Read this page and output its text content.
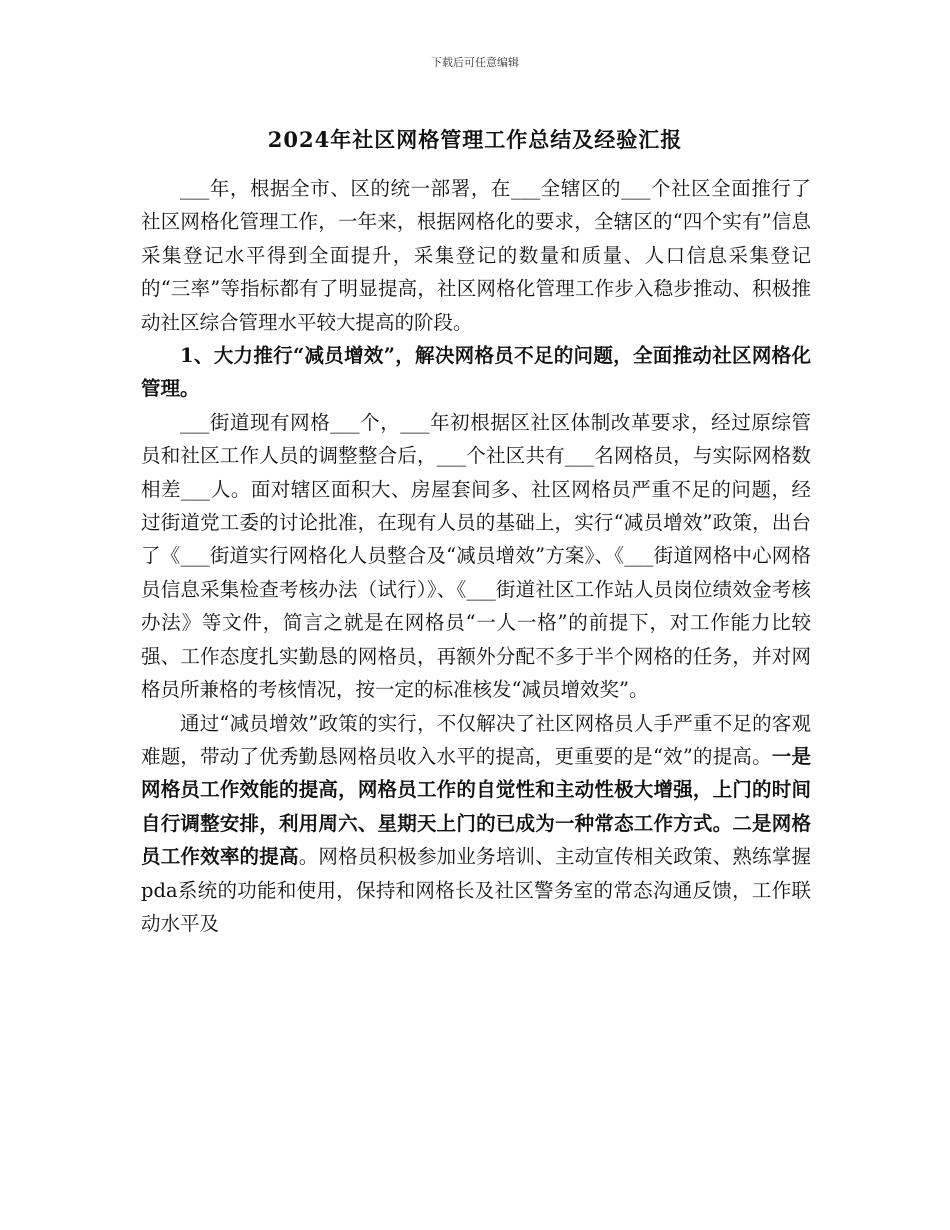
下载后可任意编辑
2024年社区网格管理工作总结及经验汇报

___年，根据全市、区的统一部署，在___全辖区的___个社区全面推行了社区网格化管理工作，一年来，根据网格化的要求，全辖区的“四个实有”信息采集登记水平得到全面提升，采集登记的数量和质量、人口信息采集登记的“三率”等指标都有了明显提高，社区网格化管理工作步入稳步推动、积极推动社区综合管理水平较大提高的阶段。

1、大力推行“减员增效”，解决网格员不足的问题，全面推动社区网格化管理。

___街道现有网格___个，___年初根据区社区体制改革要求，经过原综管员和社区工作人员的调整整合后，___个社区共有___名网格员，与实际网格数相差___人。面对辖区面积大、房屋套间多、社区网格员严重不足的问题，经过街道党工委的讨论批准，在现有人员的基础上，实行“减员增效”政策，出台了《___街道实行网格化人员整合及“减员增效”方案》、《___街道网格中心网格员信息采集检查考核办法（试行）》、《___街道社区工作站人员岗位绩效金考核办法》等文件，简言之就是在网格员“一人一格”的前提下，对工作能力比较强、工作态度扎实勤恳的网格员，再额外分配不多于半个网格的任务，并对网格员所兼格的考核情况，按一定的标准核发“减员增效奖”。

通过“减员增效”政策的实行，不仅解决了社区网格员人手严重不足的客观难题，带动了优秀勤恳网格员收入水平的提高，更重要的是“效”的提高。一是网格员工作效能的提高，网格员工作的自觉性和主动性极大增强，上门的时间自行调整安排，利用周六、星期天上门的已成为一种常态工作方式。二是网格员工作效率的提高。网格员积极参加业务培训、主动宣传相关政策、熟练掌握pda系统的功能和使用，保持和网格长及社区警务室的常态沟通反馈，工作联动水平及
